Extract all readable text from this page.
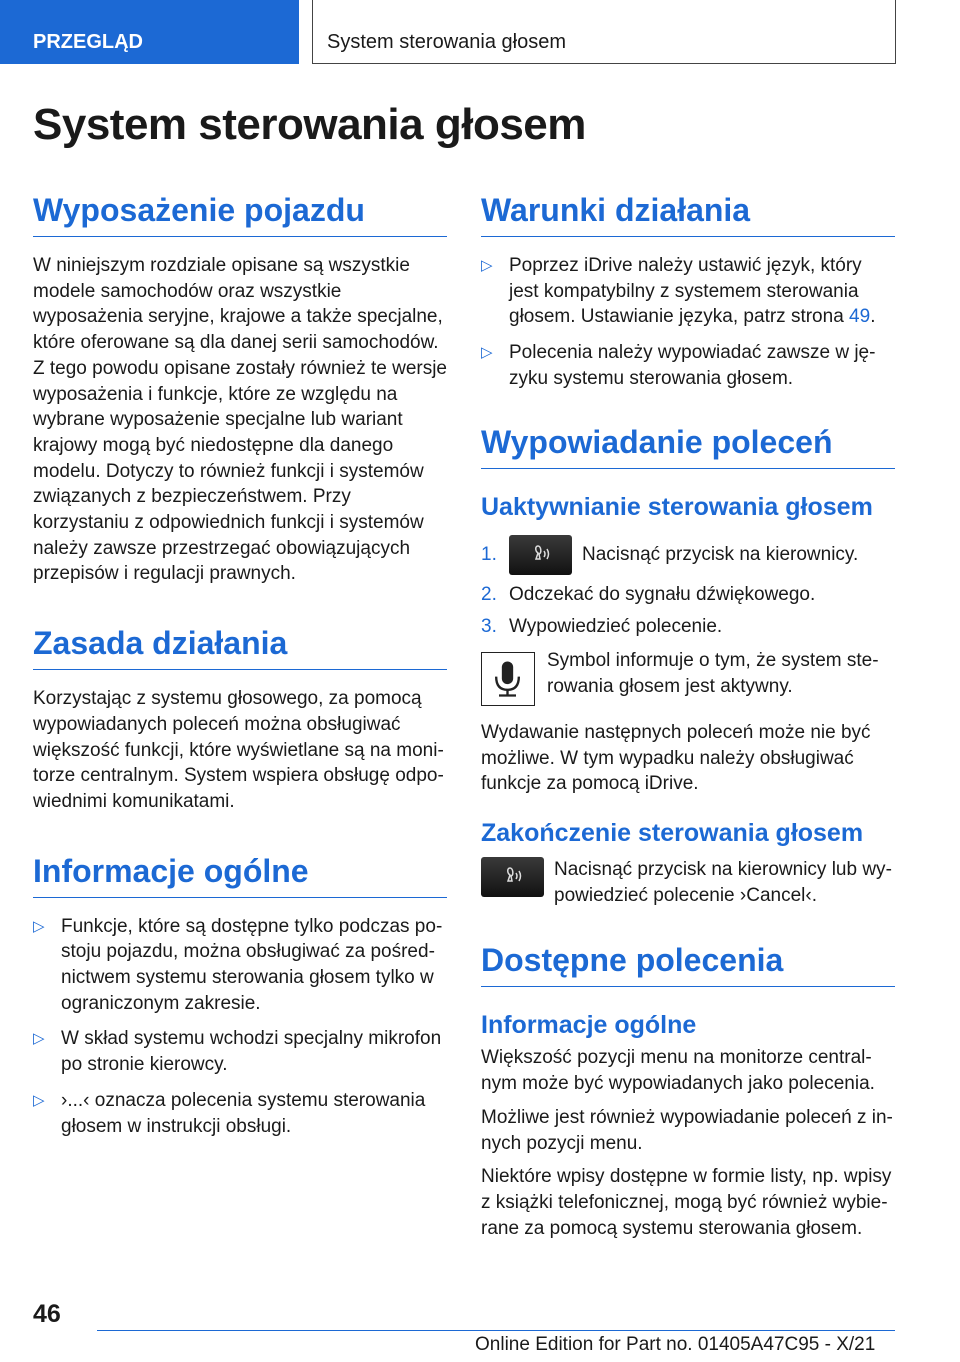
PRZEGLĄD	System sterowania głosem
System sterowania głosem
Wyposażenie pojazdu

W niniejszym rozdziale opisane są wszystkie modele samochodów oraz wszystkie wyposażenia seryjne, krajowe a także specjalne, które oferowane są dla danej serii samochodów. Z tego powodu opisane zostały również te wersje wyposażenia i funkcje, które ze względu na wybrane wyposażenie specjalne lub wariant krajowy mogą być niedostępne dla danego modelu. Dotyczy to również funkcji i systemów związanych z bezpieczeństwem. Przy korzystaniu z odpowiednich funkcji i systemów należy zawsze przestrzegać obowiązujących przepisów i regulacji prawnych.

Zasada działania

Korzystając z systemu głosowego, za pomocą wypowiadanych poleceń można obsługiwać większość funkcji, które wyświetlane są na monitorze centralnym. System wspiera obsługę odpowiednimi komunikatami.

Informacje ogólne
▷ Funkcje, które są dostępne tylko podczas postoju pojazdu, można obsługiwać za pośrednictwem systemu sterowania głosem tylko w ograniczonym zakresie.
▷ W skład systemu wchodzi specjalny mikrofon po stronie kierowcy.
▷ ›...‹ oznacza polecenia systemu sterowania głosem w instrukcji obsługi.
Warunki działania
▷ Poprzez iDrive należy ustawić język, który jest kompatybilny z systemem sterowania głosem. Ustawianie języka, patrz strona 49.
▷ Polecenia należy wypowiadać zawsze w języku systemu sterowania głosem.
Wypowiadanie poleceń
Uaktywnianie sterowania głosem
1.	Nacisnąć przycisk na kierownicy.
2. Odczekać do sygnału dźwiękowego.
3. Wypowiedzieć polecenie.

Symbol informuje o tym, że system sterowania głosem jest aktywny.

Wydawanie następnych poleceń może nie być możliwe. W tym wypadku należy obsługiwać funkcje za pomocą iDrive.

Zakończenie sterowania głosem

Nacisnąć przycisk na kierownicy lub wypowiedzieć polecenie ›Cancel‹.

Dostępne polecenia
Informacje ogólne

Większość pozycji menu na monitorze centralnym może być wypowiadanych jako polecenia.

Możliwe jest również wypowiadanie poleceń z innych pozycji menu.

Niektóre wpisy dostępne w formie listy, np. wpisy z książki telefonicznej, mogą być również wybierane za pomocą systemu sterowania głosem.

46
Online Edition for Part no. 01405A47C95 - X/21
